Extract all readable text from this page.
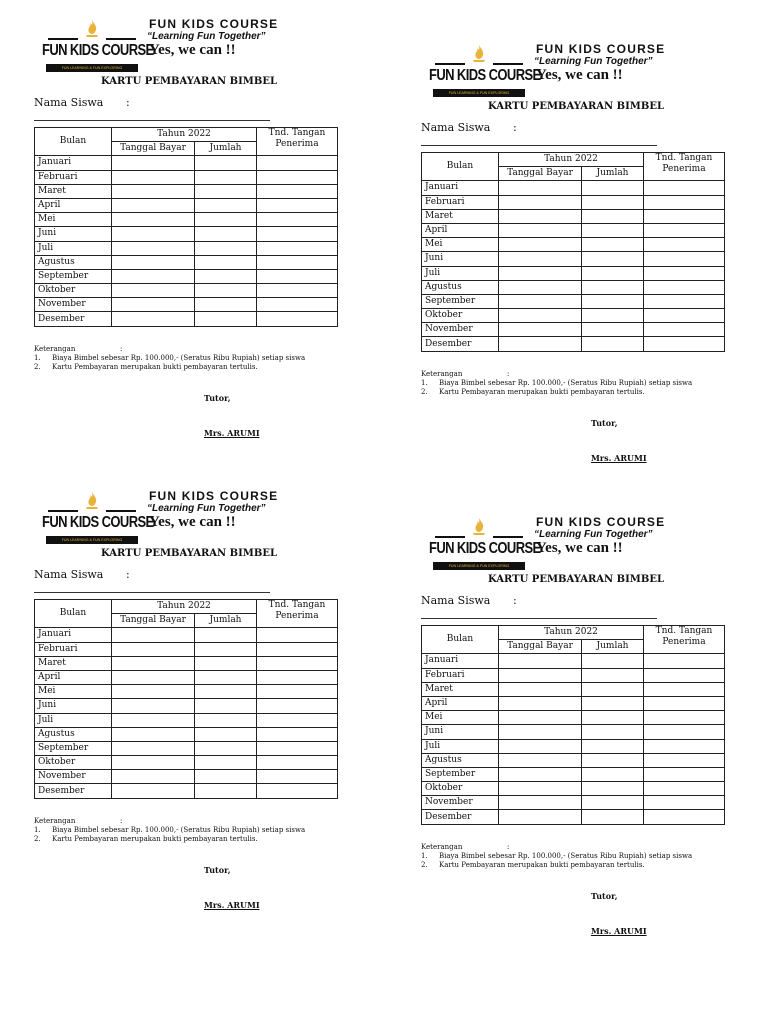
FUN KIDS COURSE
FUN LEARNING & FUN EXPLORING
FUN KIDS COURSE
“Learning Fun Together”
Yes, we can !!
KARTU PEMBAYARAN BIMBEL
Nama Siswa :
Bulan	Tahun 2022		Tnd. Tangan Penerima
	Tanggal Bayar	Jumlah	
Januari			
Februari			
Maret			
April			
Mei			
Juni			
Juli			
Agustus			
September			
Oktober			
November			
Desember			
Keterangan	:
1. Biaya Bimbel sebesar Rp. 100.000,- (Seratus Ribu Rupiah) setiap siswa
2. Kartu Pembayaran merupakan bukti pembayaran tertulis.
Tutor,
Mrs. ARUMI
FUN KIDS COURSE
FUN LEARNING & FUN EXPLORING
FUN KIDS COURSE
“Learning Fun Together”
Yes, we can !!
KARTU PEMBAYARAN BIMBEL
Nama Siswa :
Bulan	Tahun 2022		Tnd. Tangan Penerima
	Tanggal Bayar	Jumlah	
Januari			
Februari			
Maret			
April			
Mei			
Juni			
Juli			
Agustus			
September			
Oktober			
November			
Desember			
Keterangan	:
1. Biaya Bimbel sebesar Rp. 100.000,- (Seratus Ribu Rupiah) setiap siswa
2. Kartu Pembayaran merupakan bukti pembayaran tertulis.
Tutor,
Mrs. ARUMI
FUN KIDS COURSE
FUN LEARNING & FUN EXPLORING
FUN KIDS COURSE
“Learning Fun Together”
Yes, we can !!
KARTU PEMBAYARAN BIMBEL
Nama Siswa :
Bulan	Tahun 2022		Tnd. Tangan Penerima
	Tanggal Bayar	Jumlah	
Januari			
Februari			
Maret			
April			
Mei			
Juni			
Juli			
Agustus			
September			
Oktober			
November			
Desember			
Keterangan	:
1. Biaya Bimbel sebesar Rp. 100.000,- (Seratus Ribu Rupiah) setiap siswa
2. Kartu Pembayaran merupakan bukti pembayaran tertulis.
Tutor,
Mrs. ARUMI
FUN KIDS COURSE
FUN LEARNING & FUN EXPLORING
FUN KIDS COURSE
“Learning Fun Together”
Yes, we can !!
KARTU PEMBAYARAN BIMBEL
Nama Siswa :
Bulan	Tahun 2022		Tnd. Tangan Penerima
	Tanggal Bayar	Jumlah	
Januari			
Februari			
Maret			
April			
Mei			
Juni			
Juli			
Agustus			
September			
Oktober			
November			
Desember			
Keterangan	:
1. Biaya Bimbel sebesar Rp. 100.000,- (Seratus Ribu Rupiah) setiap siswa
2. Kartu Pembayaran merupakan bukti pembayaran tertulis.
Tutor,
Mrs. ARUMI
